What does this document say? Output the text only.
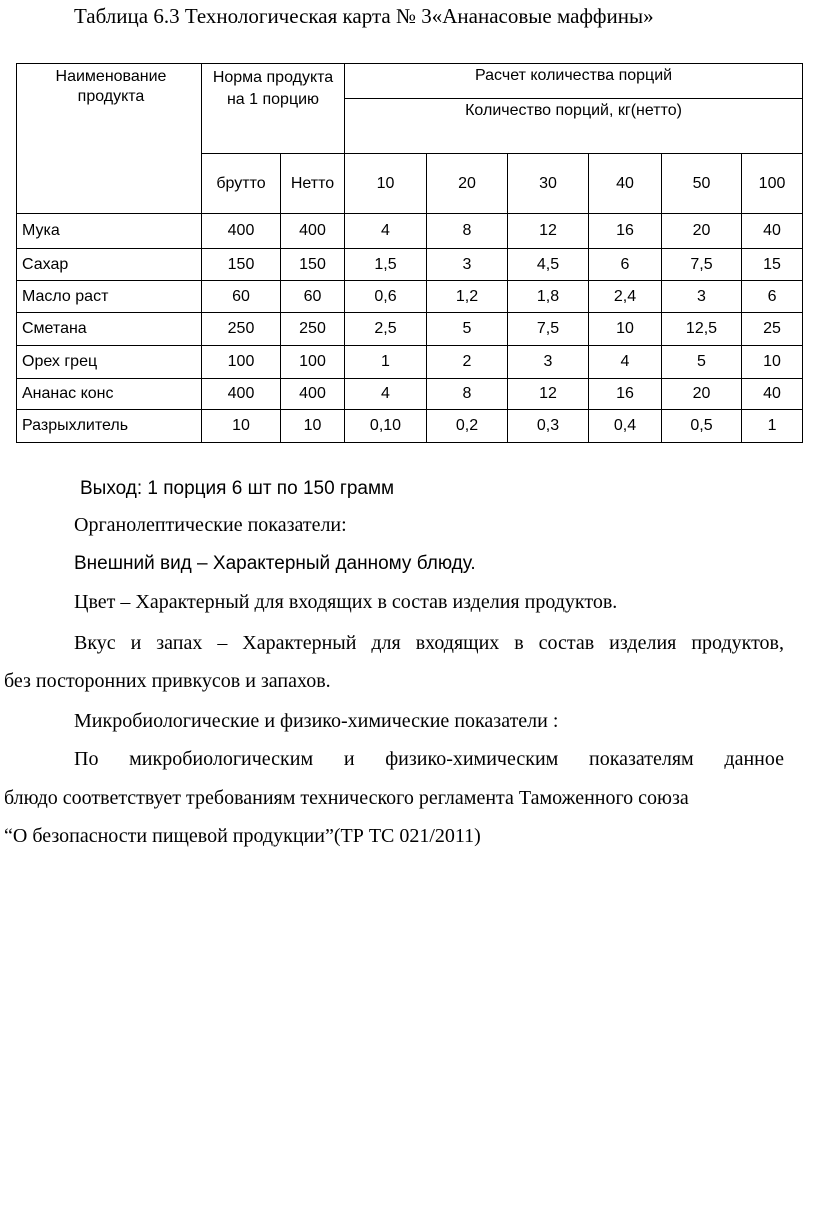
Таблица 6.3 Технологическая карта № 3«Ананасовые маффины»
Наименование продукта	Норма продукта на 1 порцию		Расчет количества порций					
			Количество порций, кг(нетто)					
	брутто	Нетто	10	20	30	40	50	100
Мука	400	400	4	8	12	16	20	40
Сахар	150	150	1,5	3	4,5	6	7,5	15
Масло раст	60	60	0,6	1,2	1,8	2,4	3	6
Сметана	250	250	2,5	5	7,5	10	12,5	25
Орех грец	100	100	1	2	3	4	5	10
Ананас конс	400	400	4	8	12	16	20	40
Разрыхлитель	10	10	0,10	0,2	0,3	0,4	0,5	1

Выход: 1 порция 6 шт по 150 грамм

Органолептические показатели:

Внешний вид – Характерный данному блюду.

Цвет – Характерный для входящих в состав изделия продуктов.

Вкус и запах – Характерный для входящих в состав изделия продуктов,

без посторонних привкусов и запахов.

Микробиологические и физико-химические показатели :

По микробиологическим и физико-химическим показателям данное

блюдо соответствует требованиям технического регламента Таможенного союза

“О безопасности пищевой продукции”(ТР ТС 021/2011)
